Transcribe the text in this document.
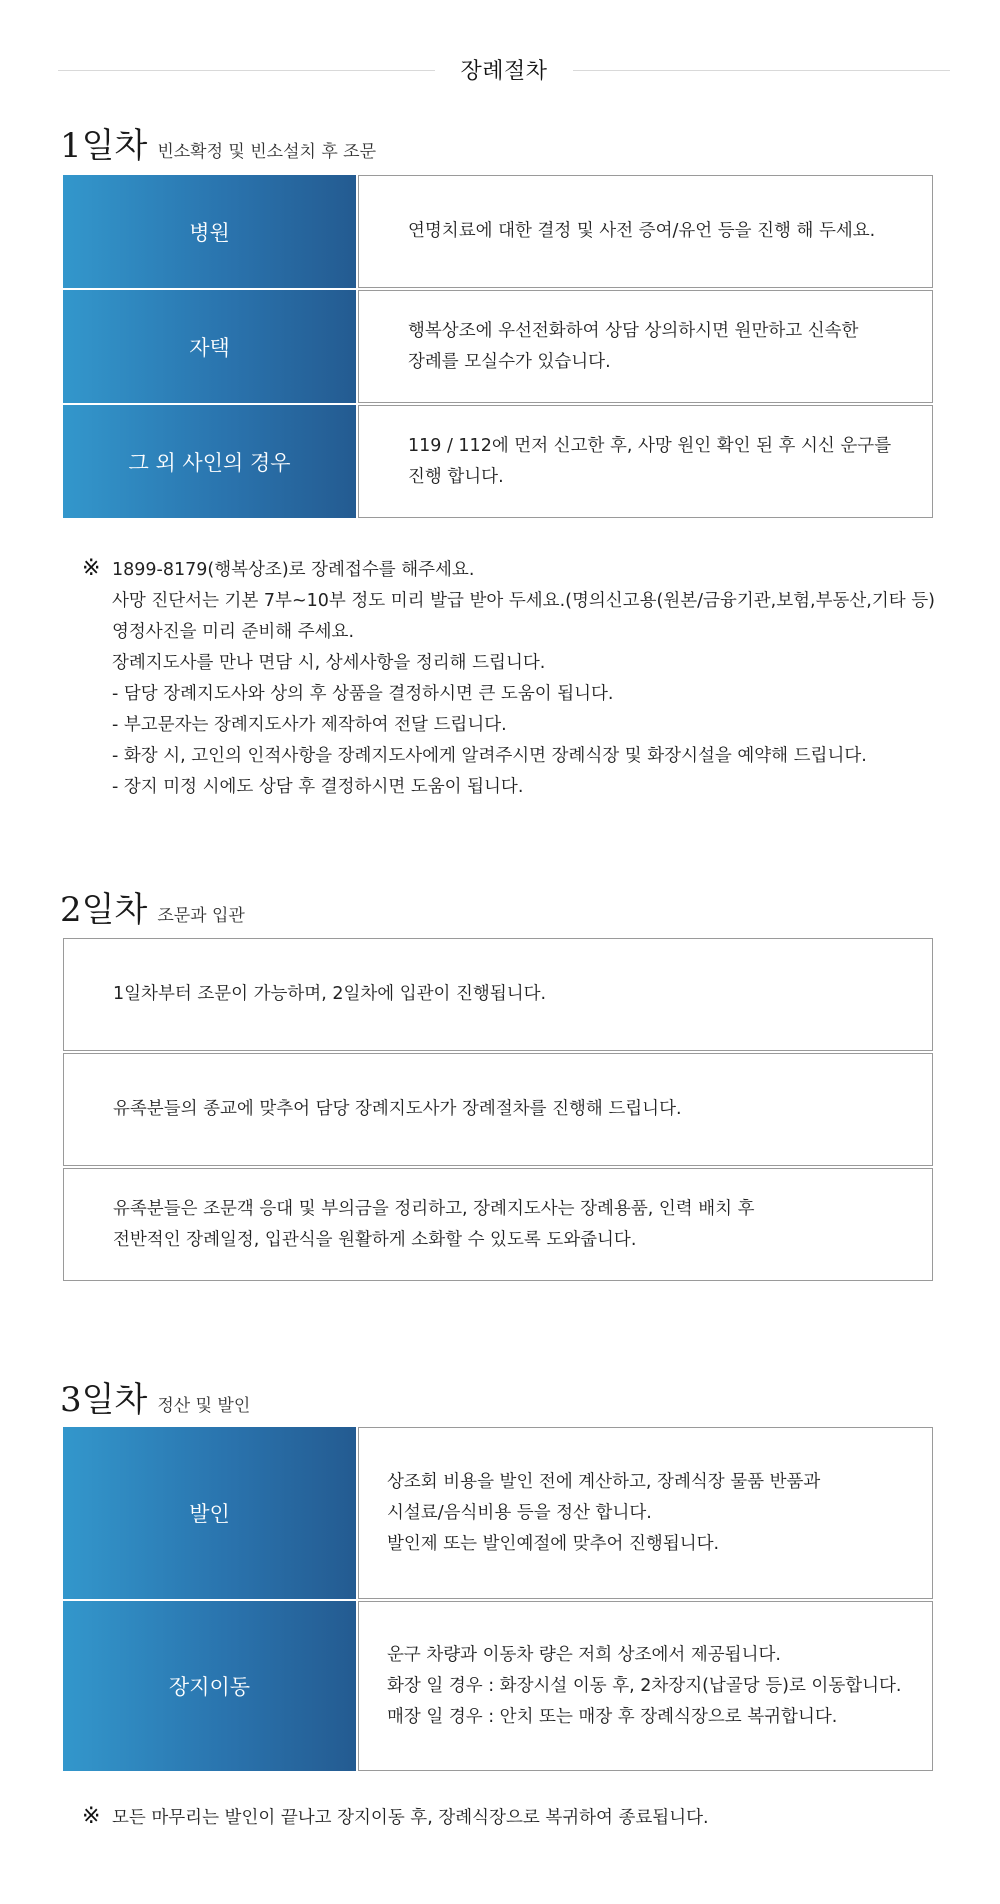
장례절차
1일차 빈소확정 및 빈소설치 후 조문
병원	연명치료에 대한 결정 및 사전 증여/유언 등을 진행 해 두세요.
자택
행복상조에 우선전화하여 상담 상의하시면 원만하고 신속한
장례를 모실수가 있습니다.
그 외 사인의 경우
119 / 112에 먼저 신고한 후, 사망 원인 확인 된 후 시신 운구를
진행 합니다.
※ 1899-8179(행복상조)로 장례접수를 해주세요.
사망 진단서는 기본 7부~10부 정도 미리 발급 받아 두세요.(명의신고용(원본/금융기관,보험,부동산,기타 등)
영정사진을 미리 준비해 주세요.
장례지도사를 만나 면담 시, 상세사항을 정리해 드립니다.
- 담당 장례지도사와 상의 후 상품을 결정하시면 큰 도움이 됩니다.
- 부고문자는 장례지도사가 제작하여 전달 드립니다.
- 화장 시, 고인의 인적사항을 장례지도사에게 알려주시면 장례식장 및 화장시설을 예약해 드립니다.
- 장지 미정 시에도 상담 후 결정하시면 도움이 됩니다.
2일차 조문과 입관
1일차부터 조문이 가능하며, 2일차에 입관이 진행됩니다.
유족분들의 종교에 맞추어 담당 장례지도사가 장례절차를 진행해 드립니다.
유족분들은 조문객 응대 및 부의금을 정리하고, 장례지도사는 장례용품, 인력 배치 후
전반적인 장례일정, 입관식을 원활하게 소화할 수 있도록 도와줍니다.
3일차 정산 및 발인
발인
상조회 비용을 발인 전에 계산하고, 장례식장 물품 반품과
시설료/음식비용 등을 정산 합니다.
발인제 또는 발인예절에 맞추어 진행됩니다.
장지이동
운구 차량과 이동차 량은 저희 상조에서 제공됩니다.
화장 일 경우 : 화장시설 이동 후, 2차장지(납골당 등)로 이동합니다.
매장 일 경우 : 안치 또는 매장 후 장례식장으로 복귀합니다.
※ 모든 마무리는 발인이 끝나고 장지이동 후, 장례식장으로 복귀하여 종료됩니다.
